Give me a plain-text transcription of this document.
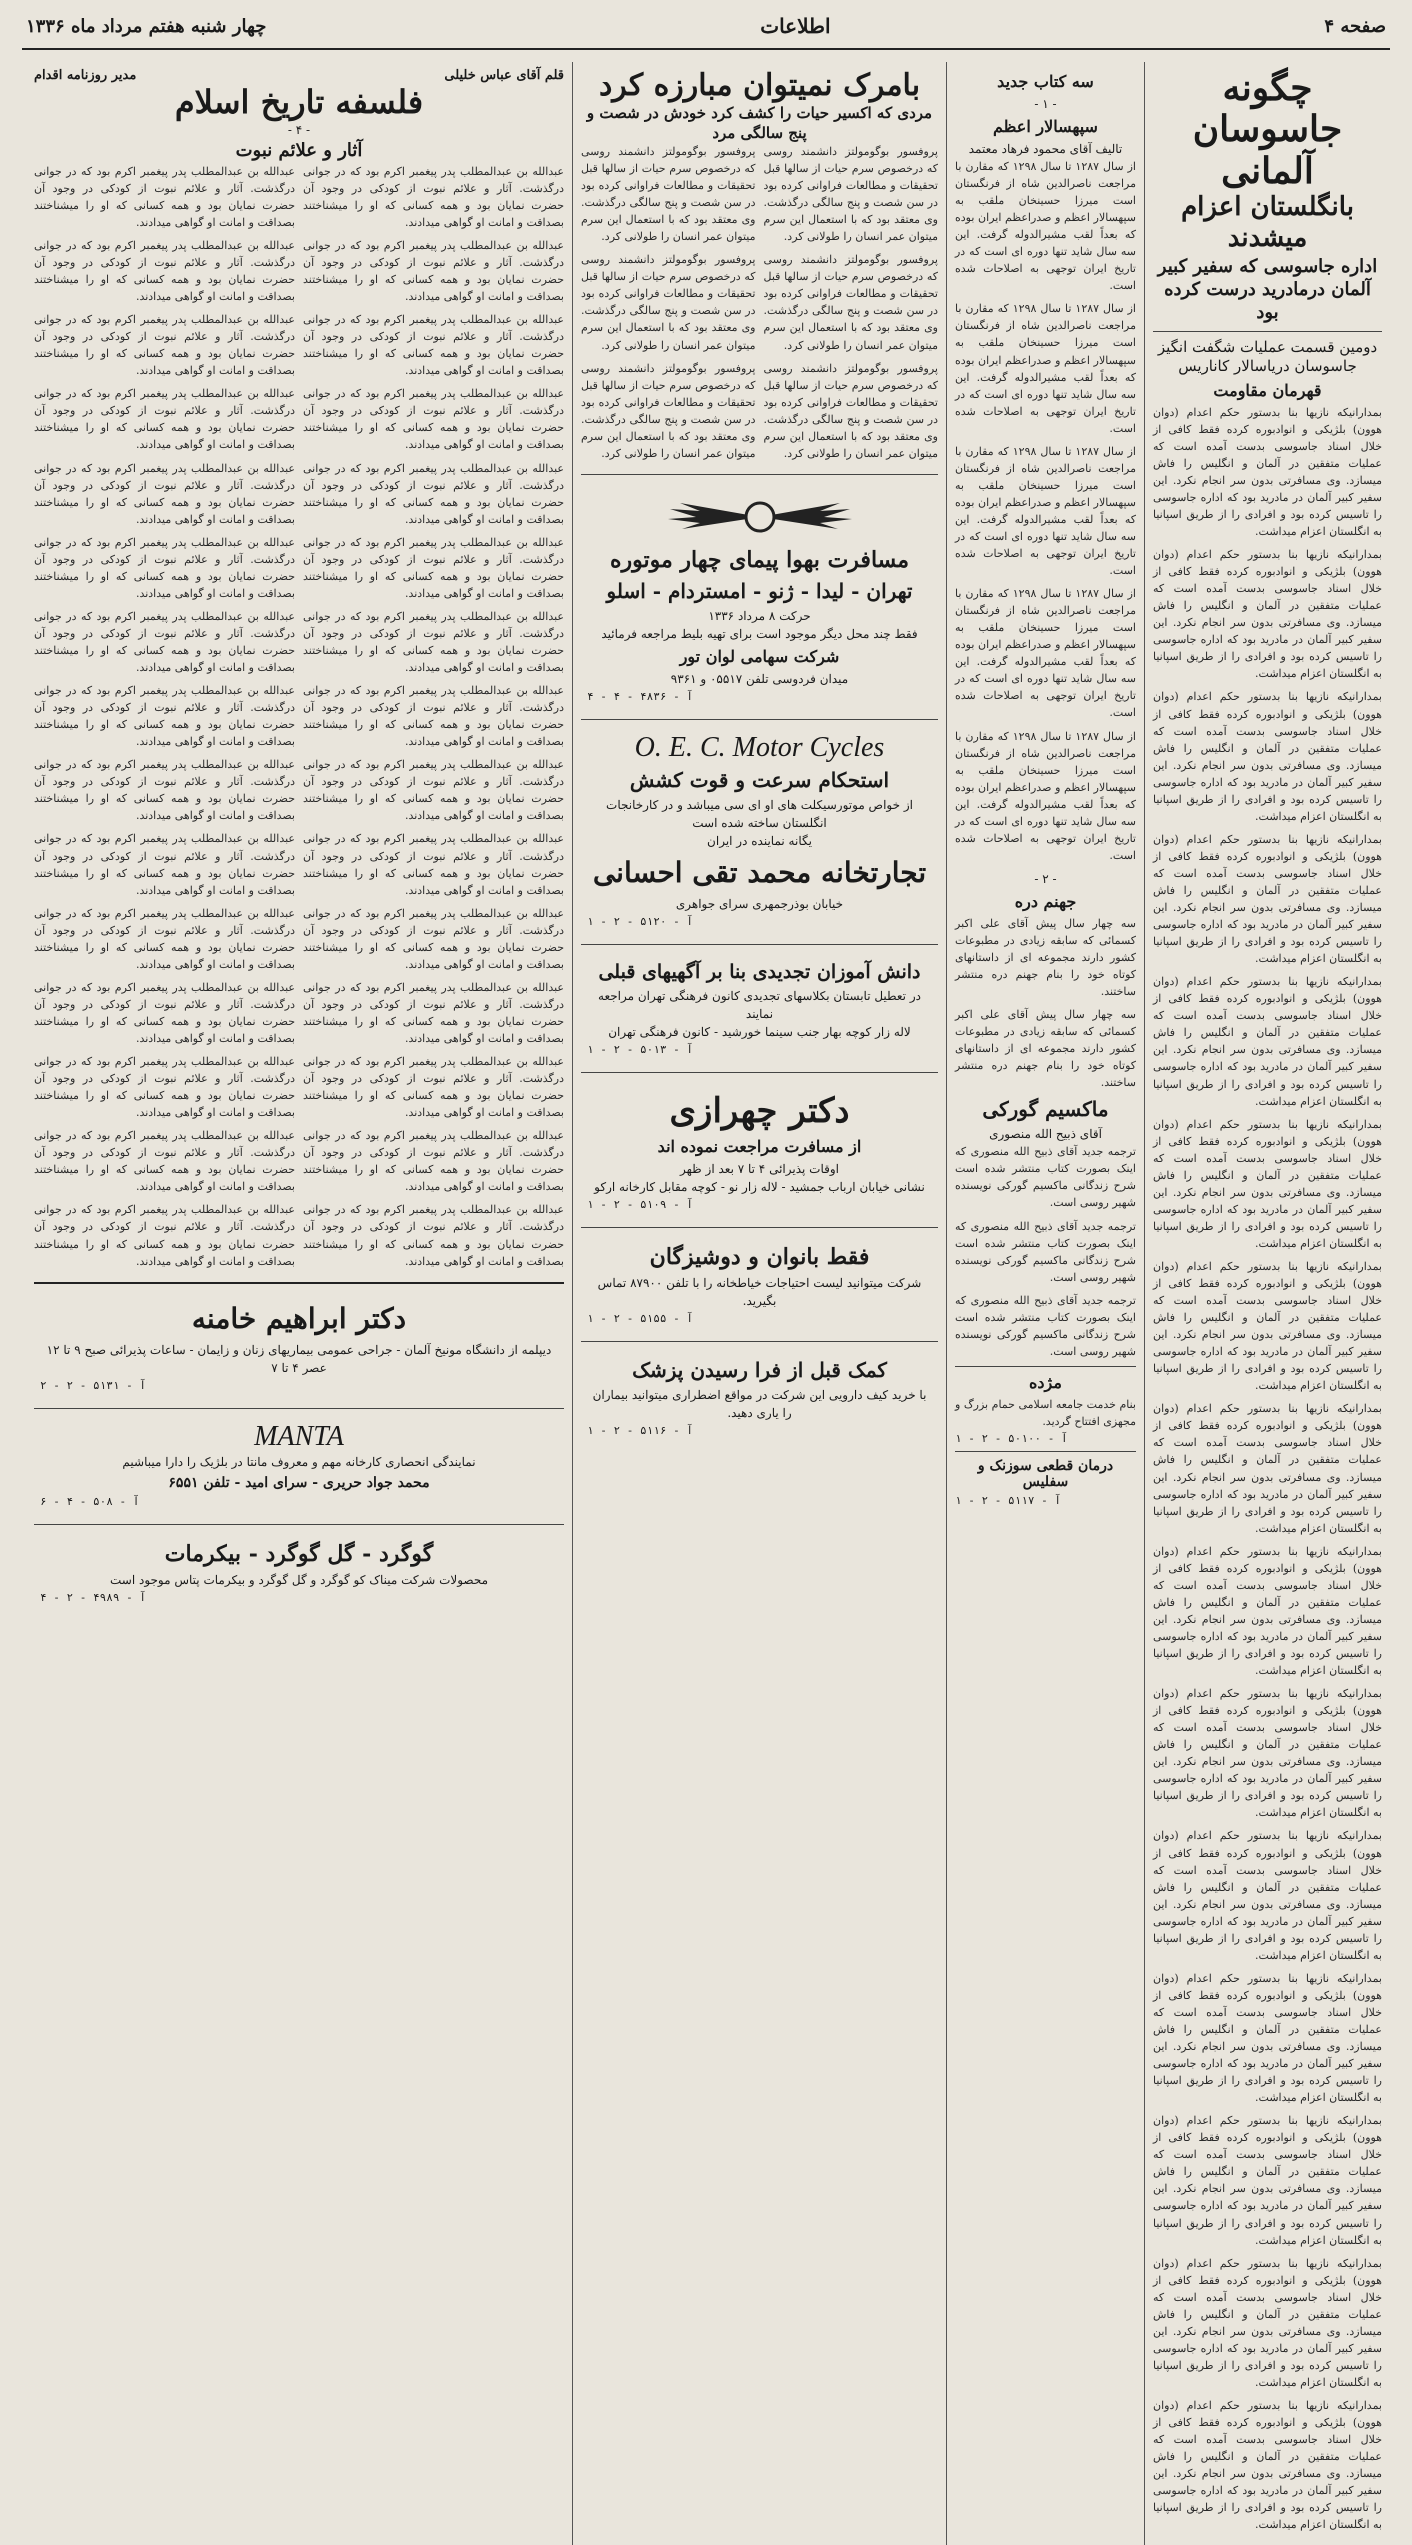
صفحه ۴
اطلاعات
چهار شنبه هفتم مرداد ماه ۱۳۳۶
چگونه جاسوسان آلمانی
بانگلستان اعزام میشدند
اداره جاسوسی که سفیر کبیر آلمان درمادرید درست کرده بود
دومین قسمت عملیات شگفت انگیز جاسوسان دریاسالار کاناریس
قهرمان مقاومت

بمدارانیکه نازیها بنا بدستور حکم اعدام (دوان هوون) بلژیکی و انوادبوره کرده فقط کافی از خلال اسناد جاسوسی بدست آمده است که عملیات متفقین در آلمان و انگلیس را فاش میسازد. وی مسافرتی بدون سر انجام نکرد. این سفیر کبیر آلمان در مادرید بود که اداره جاسوسی را تاسیس کرده بود و افرادی را از طریق اسپانیا به انگلستان اعزام میداشت.

بمدارانیکه نازیها بنا بدستور حکم اعدام (دوان هوون) بلژیکی و انوادبوره کرده فقط کافی از خلال اسناد جاسوسی بدست آمده است که عملیات متفقین در آلمان و انگلیس را فاش میسازد. وی مسافرتی بدون سر انجام نکرد. این سفیر کبیر آلمان در مادرید بود که اداره جاسوسی را تاسیس کرده بود و افرادی را از طریق اسپانیا به انگلستان اعزام میداشت.

بمدارانیکه نازیها بنا بدستور حکم اعدام (دوان هوون) بلژیکی و انوادبوره کرده فقط کافی از خلال اسناد جاسوسی بدست آمده است که عملیات متفقین در آلمان و انگلیس را فاش میسازد. وی مسافرتی بدون سر انجام نکرد. این سفیر کبیر آلمان در مادرید بود که اداره جاسوسی را تاسیس کرده بود و افرادی را از طریق اسپانیا به انگلستان اعزام میداشت.

بمدارانیکه نازیها بنا بدستور حکم اعدام (دوان هوون) بلژیکی و انوادبوره کرده فقط کافی از خلال اسناد جاسوسی بدست آمده است که عملیات متفقین در آلمان و انگلیس را فاش میسازد. وی مسافرتی بدون سر انجام نکرد. این سفیر کبیر آلمان در مادرید بود که اداره جاسوسی را تاسیس کرده بود و افرادی را از طریق اسپانیا به انگلستان اعزام میداشت.

بمدارانیکه نازیها بنا بدستور حکم اعدام (دوان هوون) بلژیکی و انوادبوره کرده فقط کافی از خلال اسناد جاسوسی بدست آمده است که عملیات متفقین در آلمان و انگلیس را فاش میسازد. وی مسافرتی بدون سر انجام نکرد. این سفیر کبیر آلمان در مادرید بود که اداره جاسوسی را تاسیس کرده بود و افرادی را از طریق اسپانیا به انگلستان اعزام میداشت.

بمدارانیکه نازیها بنا بدستور حکم اعدام (دوان هوون) بلژیکی و انوادبوره کرده فقط کافی از خلال اسناد جاسوسی بدست آمده است که عملیات متفقین در آلمان و انگلیس را فاش میسازد. وی مسافرتی بدون سر انجام نکرد. این سفیر کبیر آلمان در مادرید بود که اداره جاسوسی را تاسیس کرده بود و افرادی را از طریق اسپانیا به انگلستان اعزام میداشت.

بمدارانیکه نازیها بنا بدستور حکم اعدام (دوان هوون) بلژیکی و انوادبوره کرده فقط کافی از خلال اسناد جاسوسی بدست آمده است که عملیات متفقین در آلمان و انگلیس را فاش میسازد. وی مسافرتی بدون سر انجام نکرد. این سفیر کبیر آلمان در مادرید بود که اداره جاسوسی را تاسیس کرده بود و افرادی را از طریق اسپانیا به انگلستان اعزام میداشت.

بمدارانیکه نازیها بنا بدستور حکم اعدام (دوان هوون) بلژیکی و انوادبوره کرده فقط کافی از خلال اسناد جاسوسی بدست آمده است که عملیات متفقین در آلمان و انگلیس را فاش میسازد. وی مسافرتی بدون سر انجام نکرد. این سفیر کبیر آلمان در مادرید بود که اداره جاسوسی را تاسیس کرده بود و افرادی را از طریق اسپانیا به انگلستان اعزام میداشت.

بمدارانیکه نازیها بنا بدستور حکم اعدام (دوان هوون) بلژیکی و انوادبوره کرده فقط کافی از خلال اسناد جاسوسی بدست آمده است که عملیات متفقین در آلمان و انگلیس را فاش میسازد. وی مسافرتی بدون سر انجام نکرد. این سفیر کبیر آلمان در مادرید بود که اداره جاسوسی را تاسیس کرده بود و افرادی را از طریق اسپانیا به انگلستان اعزام میداشت.

بمدارانیکه نازیها بنا بدستور حکم اعدام (دوان هوون) بلژیکی و انوادبوره کرده فقط کافی از خلال اسناد جاسوسی بدست آمده است که عملیات متفقین در آلمان و انگلیس را فاش میسازد. وی مسافرتی بدون سر انجام نکرد. این سفیر کبیر آلمان در مادرید بود که اداره جاسوسی را تاسیس کرده بود و افرادی را از طریق اسپانیا به انگلستان اعزام میداشت.

بمدارانیکه نازیها بنا بدستور حکم اعدام (دوان هوون) بلژیکی و انوادبوره کرده فقط کافی از خلال اسناد جاسوسی بدست آمده است که عملیات متفقین در آلمان و انگلیس را فاش میسازد. وی مسافرتی بدون سر انجام نکرد. این سفیر کبیر آلمان در مادرید بود که اداره جاسوسی را تاسیس کرده بود و افرادی را از طریق اسپانیا به انگلستان اعزام میداشت.

بمدارانیکه نازیها بنا بدستور حکم اعدام (دوان هوون) بلژیکی و انوادبوره کرده فقط کافی از خلال اسناد جاسوسی بدست آمده است که عملیات متفقین در آلمان و انگلیس را فاش میسازد. وی مسافرتی بدون سر انجام نکرد. این سفیر کبیر آلمان در مادرید بود که اداره جاسوسی را تاسیس کرده بود و افرادی را از طریق اسپانیا به انگلستان اعزام میداشت.

بمدارانیکه نازیها بنا بدستور حکم اعدام (دوان هوون) بلژیکی و انوادبوره کرده فقط کافی از خلال اسناد جاسوسی بدست آمده است که عملیات متفقین در آلمان و انگلیس را فاش میسازد. وی مسافرتی بدون سر انجام نکرد. این سفیر کبیر آلمان در مادرید بود که اداره جاسوسی را تاسیس کرده بود و افرادی را از طریق اسپانیا به انگلستان اعزام میداشت.

بمدارانیکه نازیها بنا بدستور حکم اعدام (دوان هوون) بلژیکی و انوادبوره کرده فقط کافی از خلال اسناد جاسوسی بدست آمده است که عملیات متفقین در آلمان و انگلیس را فاش میسازد. وی مسافرتی بدون سر انجام نکرد. این سفیر کبیر آلمان در مادرید بود که اداره جاسوسی را تاسیس کرده بود و افرادی را از طریق اسپانیا به انگلستان اعزام میداشت.

بمدارانیکه نازیها بنا بدستور حکم اعدام (دوان هوون) بلژیکی و انوادبوره کرده فقط کافی از خلال اسناد جاسوسی بدست آمده است که عملیات متفقین در آلمان و انگلیس را فاش میسازد. وی مسافرتی بدون سر انجام نکرد. این سفیر کبیر آلمان در مادرید بود که اداره جاسوسی را تاسیس کرده بود و افرادی را از طریق اسپانیا به انگلستان اعزام میداشت.

سه کتاب جدید
- ۱ -
سپهسالار اعظم
تالیف آقای محمود فرهاد معتمد

از سال ۱۲۸۷ تا سال ۱۲۹۸ که مقارن با مراجعت ناصرالدین شاه از فرنگستان است میرزا حسینخان ملقب به سپهسالار اعظم و صدراعظم ایران بوده که بعداً لقب مشیرالدوله گرفت. این سه سال شاید تنها دوره ای است که در تاریخ ایران توجهی به اصلاحات شده است.

از سال ۱۲۸۷ تا سال ۱۲۹۸ که مقارن با مراجعت ناصرالدین شاه از فرنگستان است میرزا حسینخان ملقب به سپهسالار اعظم و صدراعظم ایران بوده که بعداً لقب مشیرالدوله گرفت. این سه سال شاید تنها دوره ای است که در تاریخ ایران توجهی به اصلاحات شده است.

از سال ۱۲۸۷ تا سال ۱۲۹۸ که مقارن با مراجعت ناصرالدین شاه از فرنگستان است میرزا حسینخان ملقب به سپهسالار اعظم و صدراعظم ایران بوده که بعداً لقب مشیرالدوله گرفت. این سه سال شاید تنها دوره ای است که در تاریخ ایران توجهی به اصلاحات شده است.

از سال ۱۲۸۷ تا سال ۱۲۹۸ که مقارن با مراجعت ناصرالدین شاه از فرنگستان است میرزا حسینخان ملقب به سپهسالار اعظم و صدراعظم ایران بوده که بعداً لقب مشیرالدوله گرفت. این سه سال شاید تنها دوره ای است که در تاریخ ایران توجهی به اصلاحات شده است.

از سال ۱۲۸۷ تا سال ۱۲۹۸ که مقارن با مراجعت ناصرالدین شاه از فرنگستان است میرزا حسینخان ملقب به سپهسالار اعظم و صدراعظم ایران بوده که بعداً لقب مشیرالدوله گرفت. این سه سال شاید تنها دوره ای است که در تاریخ ایران توجهی به اصلاحات شده است.

- ۲ -
جهنم دره

سه چهار سال پیش آقای علی اکبر کسمائی که سابقه زیادی در مطبوعات کشور دارند مجموعه ای از داستانهای کوتاه خود را بنام جهنم دره منتشر ساختند.

سه چهار سال پیش آقای علی اکبر کسمائی که سابقه زیادی در مطبوعات کشور دارند مجموعه ای از داستانهای کوتاه خود را بنام جهنم دره منتشر ساختند.

ماکسیم گورکی
آقای ذبیح الله منصوری

ترجمه جدید آقای ذبیح الله منصوری که اینک بصورت کتاب منتشر شده است شرح زندگانی ماکسیم گورکی نویسنده شهیر روسی است.

ترجمه جدید آقای ذبیح الله منصوری که اینک بصورت کتاب منتشر شده است شرح زندگانی ماکسیم گورکی نویسنده شهیر روسی است.

ترجمه جدید آقای ذبیح الله منصوری که اینک بصورت کتاب منتشر شده است شرح زندگانی ماکسیم گورکی نویسنده شهیر روسی است.

مژده
بنام خدمت جامعه اسلامی حمام بزرگ و مجهزی افتتاح گردید.
آ - ۵۰۱۰۰ - ۲ - ۱
درمان قطعی سوزنک و سفلیس
آ - ۵۱۱۷ - ۲ - ۱
بامرک نمیتوان مبارزه کرد
مردی که اکسیر حیات را کشف کرد خودش در شصت و پنج سالگی مرد

پروفسور بوگومولتز دانشمند روسی که درخصوص سرم حیات از سالها قبل تحقیقات و مطالعات فراوانی کرده بود در سن شصت و پنج سالگی درگذشت. وی معتقد بود که با استعمال این سرم میتوان عمر انسان را طولانی کرد.

پروفسور بوگومولتز دانشمند روسی که درخصوص سرم حیات از سالها قبل تحقیقات و مطالعات فراوانی کرده بود در سن شصت و پنج سالگی درگذشت. وی معتقد بود که با استعمال این سرم میتوان عمر انسان را طولانی کرد.

پروفسور بوگومولتز دانشمند روسی که درخصوص سرم حیات از سالها قبل تحقیقات و مطالعات فراوانی کرده بود در سن شصت و پنج سالگی درگذشت. وی معتقد بود که با استعمال این سرم میتوان عمر انسان را طولانی کرد.

پروفسور بوگومولتز دانشمند روسی که درخصوص سرم حیات از سالها قبل تحقیقات و مطالعات فراوانی کرده بود در سن شصت و پنج سالگی درگذشت. وی معتقد بود که با استعمال این سرم میتوان عمر انسان را طولانی کرد.

پروفسور بوگومولتز دانشمند روسی که درخصوص سرم حیات از سالها قبل تحقیقات و مطالعات فراوانی کرده بود در سن شصت و پنج سالگی درگذشت. وی معتقد بود که با استعمال این سرم میتوان عمر انسان را طولانی کرد.

پروفسور بوگومولتز دانشمند روسی که درخصوص سرم حیات از سالها قبل تحقیقات و مطالعات فراوانی کرده بود در سن شصت و پنج سالگی درگذشت. وی معتقد بود که با استعمال این سرم میتوان عمر انسان را طولانی کرد.

مسافرت بهوا پیمای چهار موتوره
تهران - لیدا - ژنو - امستردام - اسلو
حرکت ۸ مرداد ۱۳۳۶
فقط چند محل دیگر موجود است برای تهیه بلیط مراجعه فرمائید
شرکت سهامی لوان تور
میدان فردوسی تلفن ۰۵۵۱۷ و ۹۳۶۱
آ - ۴۸۳۶ - ۴ - ۴
O. E. C. Motor Cycles
استحکام سرعت و قوت کشش
از خواص موتورسیکلت های او ای سی میباشد و در کارخانجات انگلستان ساخته شده است
یگانه نماینده در ایران
تجارتخانه محمد تقی احسانی
خیابان بوذرجمهری سرای جواهری
آ - ۵۱۲۰ - ۲ - ۱
دانش آموزان تجدیدی بنا بر آگهیهای قبلی
در تعطیل تابستان بکلاسهای تجدیدی کانون فرهنگی تهران مراجعه نمایند
لاله زار کوچه بهار جنب سینما خورشید - کانون فرهنگی تهران
آ - ۵۰۱۳ - ۲ - ۱
دکتر چهرازی
از مسافرت مراجعت نموده اند
اوقات پذیرائی ۴ تا ۷ بعد از ظهر
نشانی خیابان ارباب جمشید - لاله زار نو - کوچه مقابل کارخانه ارکو
آ - ۵۱۰۹ - ۲ - ۱
فقط بانوان و دوشیزگان
شرکت میتوانید لیست احتیاجات خیاطخانه را با تلفن ۸۷۹۰۰ تماس بگیرید.
آ - ۵۱۵۵ - ۲ - ۱
کمک قبل از فرا رسیدن پزشک
با خرید کیف دارویی این شرکت در مواقع اضطراری میتوانید بیماران را یاری دهید.
آ - ۵۱۱۶ - ۲ - ۱
قلم آقای عباس خلیلی
مدیر روزنامه اقدام
فلسفه تاریخ اسلام
- ۴ -
آثار و علائم نبوت

عبدالله بن عبدالمطلب پدر پیغمبر اکرم بود که در جوانی درگذشت. آثار و علائم نبوت از کودکی در وجود آن حضرت نمایان بود و همه کسانی که او را میشناختند بصداقت و امانت او گواهی میدادند.

عبدالله بن عبدالمطلب پدر پیغمبر اکرم بود که در جوانی درگذشت. آثار و علائم نبوت از کودکی در وجود آن حضرت نمایان بود و همه کسانی که او را میشناختند بصداقت و امانت او گواهی میدادند.

عبدالله بن عبدالمطلب پدر پیغمبر اکرم بود که در جوانی درگذشت. آثار و علائم نبوت از کودکی در وجود آن حضرت نمایان بود و همه کسانی که او را میشناختند بصداقت و امانت او گواهی میدادند.

عبدالله بن عبدالمطلب پدر پیغمبر اکرم بود که در جوانی درگذشت. آثار و علائم نبوت از کودکی در وجود آن حضرت نمایان بود و همه کسانی که او را میشناختند بصداقت و امانت او گواهی میدادند.

عبدالله بن عبدالمطلب پدر پیغمبر اکرم بود که در جوانی درگذشت. آثار و علائم نبوت از کودکی در وجود آن حضرت نمایان بود و همه کسانی که او را میشناختند بصداقت و امانت او گواهی میدادند.

عبدالله بن عبدالمطلب پدر پیغمبر اکرم بود که در جوانی درگذشت. آثار و علائم نبوت از کودکی در وجود آن حضرت نمایان بود و همه کسانی که او را میشناختند بصداقت و امانت او گواهی میدادند.

عبدالله بن عبدالمطلب پدر پیغمبر اکرم بود که در جوانی درگذشت. آثار و علائم نبوت از کودکی در وجود آن حضرت نمایان بود و همه کسانی که او را میشناختند بصداقت و امانت او گواهی میدادند.

عبدالله بن عبدالمطلب پدر پیغمبر اکرم بود که در جوانی درگذشت. آثار و علائم نبوت از کودکی در وجود آن حضرت نمایان بود و همه کسانی که او را میشناختند بصداقت و امانت او گواهی میدادند.

عبدالله بن عبدالمطلب پدر پیغمبر اکرم بود که در جوانی درگذشت. آثار و علائم نبوت از کودکی در وجود آن حضرت نمایان بود و همه کسانی که او را میشناختند بصداقت و امانت او گواهی میدادند.

عبدالله بن عبدالمطلب پدر پیغمبر اکرم بود که در جوانی درگذشت. آثار و علائم نبوت از کودکی در وجود آن حضرت نمایان بود و همه کسانی که او را میشناختند بصداقت و امانت او گواهی میدادند.

عبدالله بن عبدالمطلب پدر پیغمبر اکرم بود که در جوانی درگذشت. آثار و علائم نبوت از کودکی در وجود آن حضرت نمایان بود و همه کسانی که او را میشناختند بصداقت و امانت او گواهی میدادند.

عبدالله بن عبدالمطلب پدر پیغمبر اکرم بود که در جوانی درگذشت. آثار و علائم نبوت از کودکی در وجود آن حضرت نمایان بود و همه کسانی که او را میشناختند بصداقت و امانت او گواهی میدادند.

عبدالله بن عبدالمطلب پدر پیغمبر اکرم بود که در جوانی درگذشت. آثار و علائم نبوت از کودکی در وجود آن حضرت نمایان بود و همه کسانی که او را میشناختند بصداقت و امانت او گواهی میدادند.

عبدالله بن عبدالمطلب پدر پیغمبر اکرم بود که در جوانی درگذشت. آثار و علائم نبوت از کودکی در وجود آن حضرت نمایان بود و همه کسانی که او را میشناختند بصداقت و امانت او گواهی میدادند.

عبدالله بن عبدالمطلب پدر پیغمبر اکرم بود که در جوانی درگذشت. آثار و علائم نبوت از کودکی در وجود آن حضرت نمایان بود و همه کسانی که او را میشناختند بصداقت و امانت او گواهی میدادند.

عبدالله بن عبدالمطلب پدر پیغمبر اکرم بود که در جوانی درگذشت. آثار و علائم نبوت از کودکی در وجود آن حضرت نمایان بود و همه کسانی که او را میشناختند بصداقت و امانت او گواهی میدادند.

عبدالله بن عبدالمطلب پدر پیغمبر اکرم بود که در جوانی درگذشت. آثار و علائم نبوت از کودکی در وجود آن حضرت نمایان بود و همه کسانی که او را میشناختند بصداقت و امانت او گواهی میدادند.

عبدالله بن عبدالمطلب پدر پیغمبر اکرم بود که در جوانی درگذشت. آثار و علائم نبوت از کودکی در وجود آن حضرت نمایان بود و همه کسانی که او را میشناختند بصداقت و امانت او گواهی میدادند.

عبدالله بن عبدالمطلب پدر پیغمبر اکرم بود که در جوانی درگذشت. آثار و علائم نبوت از کودکی در وجود آن حضرت نمایان بود و همه کسانی که او را میشناختند بصداقت و امانت او گواهی میدادند.

عبدالله بن عبدالمطلب پدر پیغمبر اکرم بود که در جوانی درگذشت. آثار و علائم نبوت از کودکی در وجود آن حضرت نمایان بود و همه کسانی که او را میشناختند بصداقت و امانت او گواهی میدادند.

عبدالله بن عبدالمطلب پدر پیغمبر اکرم بود که در جوانی درگذشت. آثار و علائم نبوت از کودکی در وجود آن حضرت نمایان بود و همه کسانی که او را میشناختند بصداقت و امانت او گواهی میدادند.

عبدالله بن عبدالمطلب پدر پیغمبر اکرم بود که در جوانی درگذشت. آثار و علائم نبوت از کودکی در وجود آن حضرت نمایان بود و همه کسانی که او را میشناختند بصداقت و امانت او گواهی میدادند.

عبدالله بن عبدالمطلب پدر پیغمبر اکرم بود که در جوانی درگذشت. آثار و علائم نبوت از کودکی در وجود آن حضرت نمایان بود و همه کسانی که او را میشناختند بصداقت و امانت او گواهی میدادند.

عبدالله بن عبدالمطلب پدر پیغمبر اکرم بود که در جوانی درگذشت. آثار و علائم نبوت از کودکی در وجود آن حضرت نمایان بود و همه کسانی که او را میشناختند بصداقت و امانت او گواهی میدادند.

عبدالله بن عبدالمطلب پدر پیغمبر اکرم بود که در جوانی درگذشت. آثار و علائم نبوت از کودکی در وجود آن حضرت نمایان بود و همه کسانی که او را میشناختند بصداقت و امانت او گواهی میدادند.

عبدالله بن عبدالمطلب پدر پیغمبر اکرم بود که در جوانی درگذشت. آثار و علائم نبوت از کودکی در وجود آن حضرت نمایان بود و همه کسانی که او را میشناختند بصداقت و امانت او گواهی میدادند.

عبدالله بن عبدالمطلب پدر پیغمبر اکرم بود که در جوانی درگذشت. آثار و علائم نبوت از کودکی در وجود آن حضرت نمایان بود و همه کسانی که او را میشناختند بصداقت و امانت او گواهی میدادند.

عبدالله بن عبدالمطلب پدر پیغمبر اکرم بود که در جوانی درگذشت. آثار و علائم نبوت از کودکی در وجود آن حضرت نمایان بود و همه کسانی که او را میشناختند بصداقت و امانت او گواهی میدادند.

عبدالله بن عبدالمطلب پدر پیغمبر اکرم بود که در جوانی درگذشت. آثار و علائم نبوت از کودکی در وجود آن حضرت نمایان بود و همه کسانی که او را میشناختند بصداقت و امانت او گواهی میدادند.

عبدالله بن عبدالمطلب پدر پیغمبر اکرم بود که در جوانی درگذشت. آثار و علائم نبوت از کودکی در وجود آن حضرت نمایان بود و همه کسانی که او را میشناختند بصداقت و امانت او گواهی میدادند.

دکتر ابراهیم خامنه
دیپلمه از دانشگاه مونیخ آلمان - جراحی عمومی بیماریهای زنان و زایمان - ساعات پذیرائی صبح ۹ تا ۱۲ عصر ۴ تا ۷
آ - ۵۱۳۱ - ۲ - ۲
MANTA
نمایندگی انحصاری کارخانه مهم و معروف مانتا در بلژیک را دارا میباشیم
محمد جواد حریری - سرای امید - تلفن ۶۵۵۱
آ - ۵۰۸ - ۴ - ۶
گوگرد - گل گوگرد - بیکرمات
محصولات شرکت میناک کو گوگرد و گل گوگرد و بیکرمات پتاس موجود است
آ - ۴۹۸۹ - ۲ - ۴
